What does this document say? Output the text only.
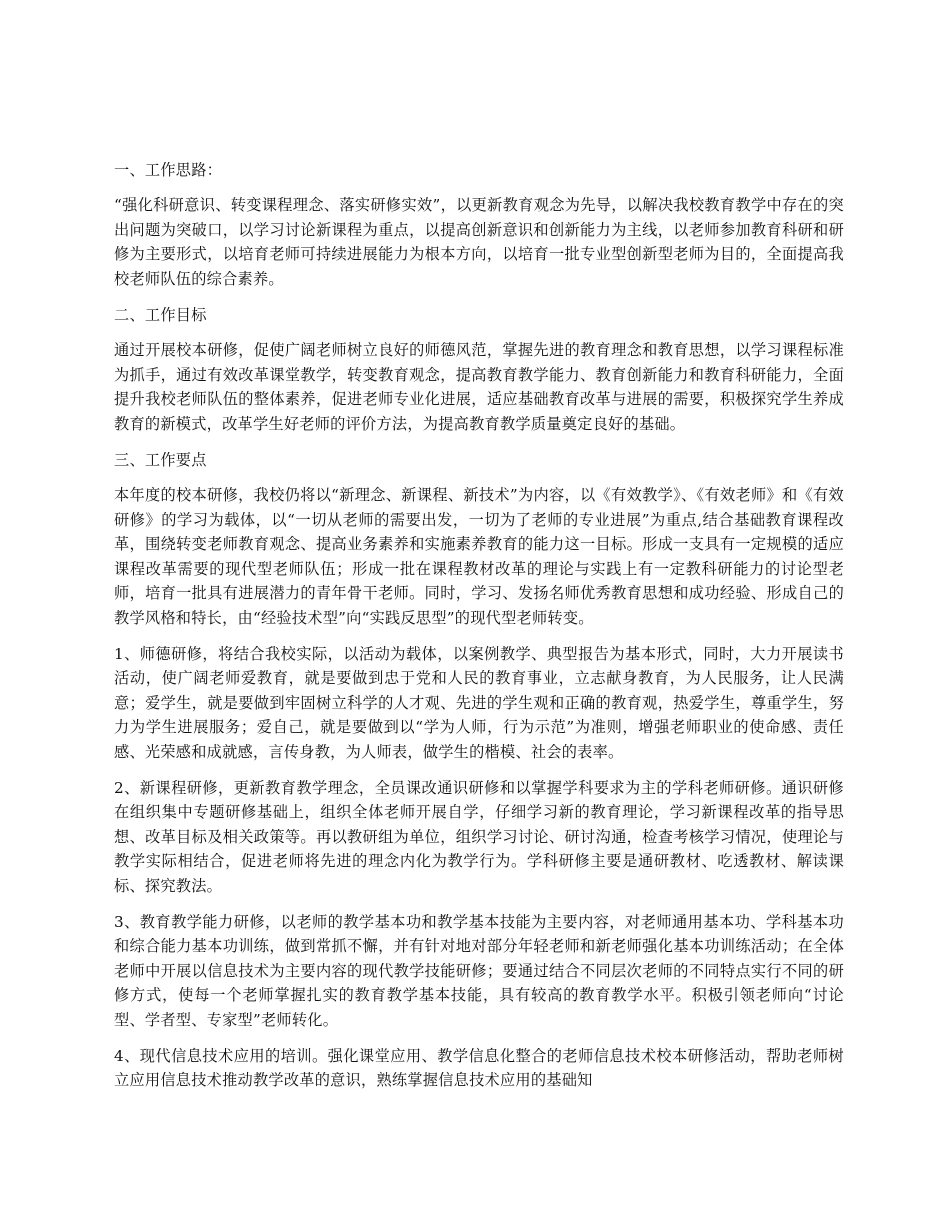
一、工作思路：

“强化科研意识、转变课程理念、落实研修实效”，以更新教育观念为先导，以解决我校教育教学中存在的突出问题为突破口，以学习讨论新课程为重点，以提高创新意识和创新能力为主线，以老师参加教育科研和研修为主要形式，以培育老师可持续进展能力为根本方向，以培育一批专业型创新型老师为目的，全面提高我校老师队伍的综合素养。

二、工作目标

通过开展校本研修，促使广阔老师树立良好的师德风范，掌握先进的教育理念和教育思想，以学习课程标准为抓手，通过有效改革课堂教学，转变教育观念，提高教育教学能力、教育创新能力和教育科研能力，全面提升我校老师队伍的整体素养，促进老师专业化进展，适应基础教育改革与进展的需要，积极探究学生养成教育的新模式，改革学生好老师的评价方法，为提高教育教学质量奠定良好的基础。

三、工作要点

本年度的校本研修，我校仍将以“新理念、新课程、新技术”为内容，以《有效教学》、《有效老师》和《有效研修》的学习为载体，以“一切从老师的需要出发，一切为了老师的专业进展”为重点,结合基础教育课程改革，围绕转变老师教育观念、提高业务素养和实施素养教育的能力这一目标。形成一支具有一定规模的适应课程改革需要的现代型老师队伍；形成一批在课程教材改革的理论与实践上有一定教科研能力的讨论型老师，培育一批具有进展潜力的青年骨干老师。同时，学习、发扬名师优秀教育思想和成功经验、形成自己的教学风格和特长，由“经验技术型”向“实践反思型”的现代型老师转变。

1、师德研修，将结合我校实际，以活动为载体，以案例教学、典型报告为基本形式，同时，大力开展读书活动，使广阔老师爱教育，就是要做到忠于党和人民的教育事业，立志献身教育，为人民服务，让人民满意；爱学生，就是要做到牢固树立科学的人才观、先进的学生观和正确的教育观，热爱学生，尊重学生，努力为学生进展服务；爱自己，就是要做到以“学为人师，行为示范”为准则，增强老师职业的使命感、责任感、光荣感和成就感，言传身教，为人师表，做学生的楷模、社会的表率。

2、新课程研修，更新教育教学理念，全员课改通识研修和以掌握学科要求为主的学科老师研修。通识研修在组织集中专题研修基础上，组织全体老师开展自学，仔细学习新的教育理论，学习新课程改革的指导思想、改革目标及相关政策等。再以教研组为单位，组织学习讨论、研讨沟通，检查考核学习情况，使理论与教学实际相结合，促进老师将先进的理念内化为教学行为。学科研修主要是通研教材、吃透教材、解读课标、探究教法。

3、教育教学能力研修，以老师的教学基本功和教学基本技能为主要内容，对老师通用基本功、学科基本功和综合能力基本功训练，做到常抓不懈，并有针对地对部分年轻老师和新老师强化基本功训练活动；在全体老师中开展以信息技术为主要内容的现代教学技能研修；要通过结合不同层次老师的不同特点实行不同的研修方式，使每一个老师掌握扎实的教育教学基本技能，具有较高的教育教学水平。积极引领老师向“讨论型、学者型、专家型”老师转化。

4、现代信息技术应用的培训。强化课堂应用、教学信息化整合的老师信息技术校本研修活动，帮助老师树立应用信息技术推动教学改革的意识，熟练掌握信息技术应用的基础知
